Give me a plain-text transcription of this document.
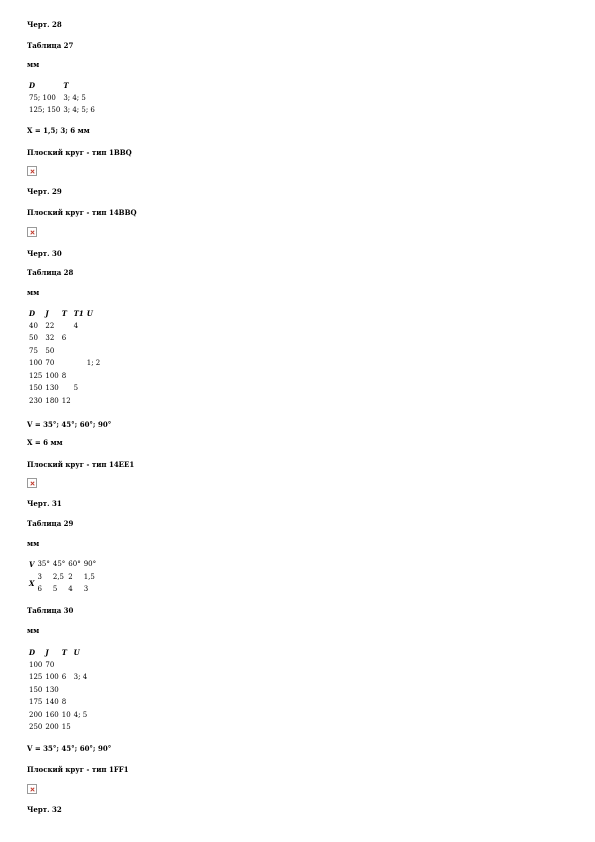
Черт. 28
Таблица 27
мм
D	T
75; 100	3; 4; 5
125; 150	3; 4; 5; 6
X = 1,5; 3; 6 мм
Плоский круг - тип 1BBQ
Черт. 29
Плоский круг - тип 14BBQ
Черт. 30
Таблица 28
мм
D	J	T	T1	U
40	22		4	
50	32	6		
75	50			
100	70			1; 2
125	100	8		
150	130		5	
230	180	12		
V = 35°; 45°; 60°; 90°
X = 6 мм
Плоский круг - тип 14EE1
Черт. 31
Таблица 29
мм
V	35°	45°	60°	90°
X	3	2,5	2	1,5
	6	5	4	3
Таблица 30
мм
D	J	T	U
100	70		
125	100	6	3; 4
150	130		
175	140	8	
200	160	10	4; 5
250	200	15	
V = 35°; 45°; 60°; 90°
Плоский круг - тип 1FF1
Черт. 32
